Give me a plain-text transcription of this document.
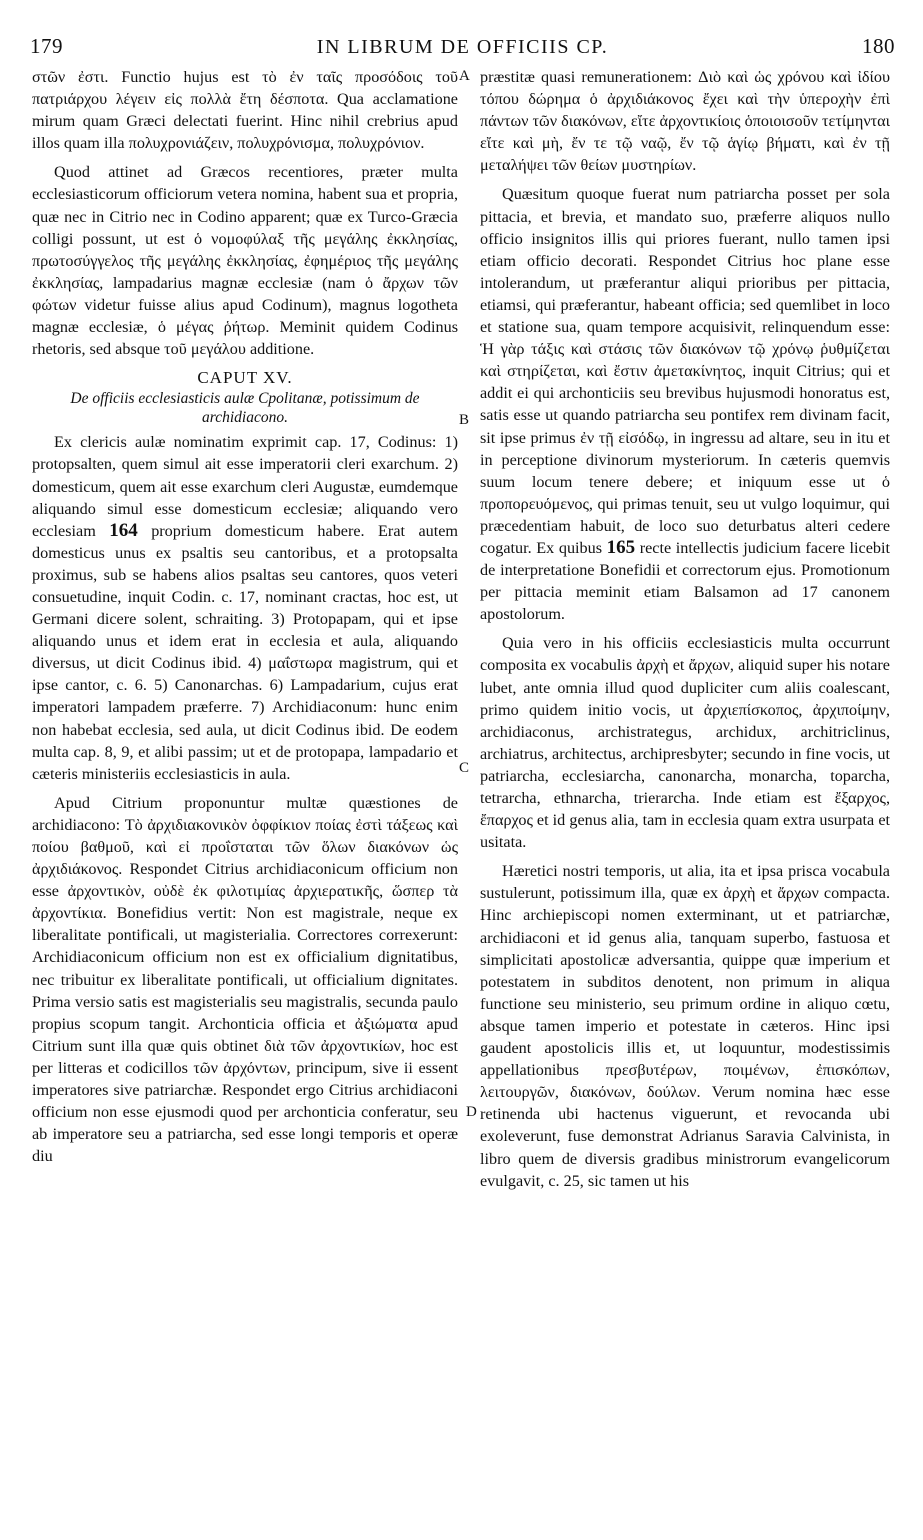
179	IN LIBRUM DE OFFICIIS CP.	180
A
B
C
D

στῶν ἐστι. Functio hujus est τὸ ἐν ταῖς προσόδοις τοῦ πατριάρχου λέγειν εἰς πολλὰ ἔτη δέσποτα. Qua acclamatione mirum quam Græci delectati fuerint. Hinc nihil crebrius apud illos quam illa πολυχρονιάζειν, πολυχρόνισμα, πολυχρόνιον.

Quod attinet ad Græcos recentiores, præter multa ecclesiasticorum officiorum vetera nomina, habent sua et propria, quæ nec in Citrio nec in Codino apparent; quæ ex Turco-Græcia colligi possunt, ut est ὁ νομοφύλαξ τῆς μεγάλης ἐκκλησίας, πρωτοσύγγελος τῆς μεγάλης ἐκκλησίας, ἐφημέριος τῆς μεγάλης ἐκκλησίας, lampadarius magnæ ecclesiæ (nam ὁ ἄρχων τῶν φώτων videtur fuisse alius apud Codinum), magnus logotheta magnæ ecclesiæ, ὁ μέγας ῥήτωρ. Meminit quidem Codinus rhetoris, sed absque τοῦ μεγάλου additione.

CAPUT XV.
De officiis ecclesiasticis aulæ Cpolitanæ, potissimum de archidiacono.

Ex clericis aulæ nominatim exprimit cap. 17, Codinus: 1) protopsalten, quem simul ait esse imperatorii cleri exarchum. 2) domesticum, quem ait esse exarchum cleri Augustæ, eumdemque aliquando simul esse domesticum ecclesiæ; aliquando vero ecclesiam 164 proprium domesticum habere. Erat autem domesticus unus ex psaltis seu cantoribus, et a protopsalta proximus, sub se habens alios psaltas seu cantores, quos veteri consuetudine, inquit Codin. c. 17, nominant cractas, hoc est, ut Germani dicere solent, schraiting. 3) Protopapam, qui et ipse aliquando unus et idem erat in ecclesia et aula, aliquando diversus, ut dicit Codinus ibid. 4) μαΐστωρα magistrum, qui et ipse cantor, c. 6. 5) Canonarchas. 6) Lampadarium, cujus erat imperatori lampadem præferre. 7) Archidiaconum: hunc enim non habebat ecclesia, sed aula, ut dicit Codinus ibid. De eodem multa cap. 8, 9, et alibi passim; ut et de protopapa, lampadario et cæteris ministeriis ecclesiasticis in aula.

Apud Citrium proponuntur multæ quæstiones de archidiacono: Τὸ ἀρχιδιακονικὸν ὀφφίκιον ποίας ἐστὶ τάξεως καὶ ποίου βαθμοῦ, καὶ εἰ προΐσταται τῶν ὅλων διακόνων ὡς ἀρχιδιάκονος. Respondet Citrius archidiaconicum officium non esse ἀρχοντικὸν, οὐδὲ ἐκ φιλοτιμίας ἀρχιερατικῆς, ὥσπερ τὰ ἀρχοντίκια. Bonefidius vertit: Non est magistrale, neque ex liberalitate pontificali, ut magisterialia. Correctores correxerunt: Archidiaconicum officium non est ex officialium dignitatibus, nec tribuitur ex liberalitate pontificali, ut officialium dignitates. Prima versio satis est magisterialis seu magistralis, secunda paulo propius scopum tangit. Archonticia officia et ἀξιώματα apud Citrium sunt illa quæ quis obtinet διὰ τῶν ἀρχοντικίων, hoc est per litteras et codicillos τῶν ἀρχόντων, principum, sive ii essent imperatores sive patriarchæ. Respondet ergo Citrius archidiaconi officium non esse ejusmodi quod per archonticia conferatur, seu ab imperatore seu a patriarcha, sed esse longi temporis et operæ diu

præstitæ quasi remunerationem: Διὸ καὶ ὡς χρόνου καὶ ἰδίου τόπου δώρημα ὁ ἀρχιδιάκονος ἔχει καὶ τὴν ὑπεροχὴν ἐπὶ πάντων τῶν διακόνων, εἴτε ἀρχοντικίοις ὁποιοισοῦν τετίμηνται εἴτε καὶ μὴ, ἔν τε τῷ ναῷ, ἔν τῷ ἁγίῳ βήματι, καὶ ἐν τῇ μεταλήψει τῶν θείων μυστηρίων.

Quæsitum quoque fuerat num patriarcha posset per sola pittacia, et brevia, et mandato suo, præferre aliquos nullo officio insignitos illis qui priores fuerant, nullo tamen ipsi etiam officio decorati. Respondet Citrius hoc plane esse intolerandum, ut præferantur aliqui prioribus per pittacia, etiamsi, qui præferantur, habeant officia; sed quemlibet in loco et statione sua, quam tempore acquisivit, relinquendum esse: Ἡ γὰρ τάξις καὶ στάσις τῶν διακόνων τῷ χρόνῳ ῥυθμίζεται καὶ στηρίζεται, καὶ ἔστιν ἀμετακίνητος, inquit Citrius; qui et addit ei qui archonticiis seu brevibus hujusmodi honoratus est, satis esse ut quando patriarcha seu pontifex rem divinam facit, sit ipse primus ἐν τῇ εἰσόδῳ, in ingressu ad altare, seu in itu et in perceptione divinorum mysteriorum. In cæteris quemvis suum locum tenere debere; et iniquum esse ut ὁ προπορευόμενος, qui primas tenuit, seu ut vulgo loquimur, qui præcedentiam habuit, de loco suo deturbatus alteri cedere cogatur. Ex quibus 165 recte intellectis judicium facere licebit de interpretatione Bonefidii et correctorum ejus. Promotionum per pittacia meminit etiam Balsamon ad 17 canonem apostolorum.

Quia vero in his officiis ecclesiasticis multa occurrunt composita ex vocabulis ἀρχὴ et ἄρχων, aliquid super his notare lubet, ante omnia illud quod dupliciter cum aliis coalescant, primo quidem initio vocis, ut ἀρχιεπίσκοπος, ἀρχιποίμην, archidiaconus, archistrategus, archidux, architriclinus, archiatrus, architectus, archipresbyter; secundo in fine vocis, ut patriarcha, ecclesiarcha, canonarcha, monarcha, toparcha, tetrarcha, ethnarcha, trierarcha. Inde etiam est ἔξαρχος, ἔπαρχος et id genus alia, tam in ecclesia quam extra usurpata et usitata.

Hæretici nostri temporis, ut alia, ita et ipsa prisca vocabula sustulerunt, potissimum illa, quæ ex ἀρχὴ et ἄρχων compacta. Hinc archiepiscopi nomen exterminant, ut et patriarchæ, archidiaconi et id genus alia, tanquam superbo, fastuosa et simplicitati apostolicæ adversantia, quippe quæ imperium et potestatem in subditos denotent, non primum in aliqua functione seu ministerio, seu primum ordine in aliquo cœtu, absque tamen imperio et potestate in cæteros. Hinc ipsi gaudent apostolicis illis et, ut loquuntur, modestissimis appellationibus πρεσβυτέρων, ποιμένων, ἐπισκόπων, λειτουργῶν, διακόνων, δούλων. Verum nomina hæc esse retinenda ubi hactenus viguerunt, et revocanda ubi exoleverunt, fuse demonstrat Adrianus Saravia Calvinista, in libro quem de diversis gradibus ministrorum evangelicorum evulgavit, c. 25, sic tamen ut his
